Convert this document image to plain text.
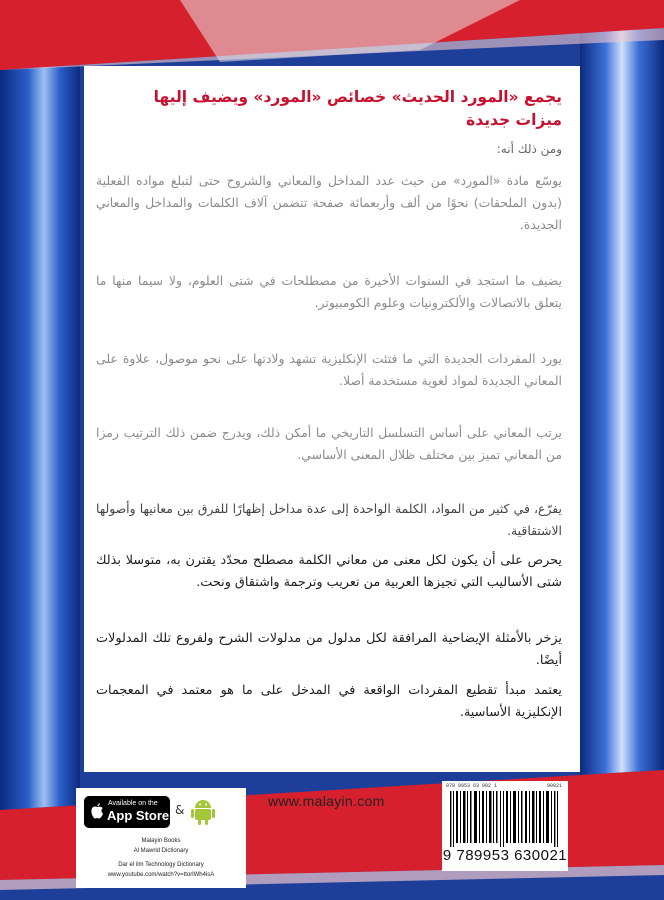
يجمع «المورد الحديث» خصائص «المورد» ويضيف إليها ميزات جديدة
ومن ذلك أنه:
يوسّع مادة «المورد» من حيث عدد المداخل والمعاني والشروح حتى لتبلغ مواده الفعلية (بدون الملحقات) نحوًا من ألف وأربعمائة صفحة تتضمن آلاف الكلمات والمداخل والمعاني الجديدة.
يضيف ما استجد في السنوات الأخيرة من مصطلحات في شتى العلوم، ولا سيما منها ما يتعلق بالاتصالات والألكترونيات وعلوم الكومبيوتر.
يورد المفردات الجديدة التي ما فتئت الإنكليزية تشهد ولادتها على نحو موصول، علاوة على المعاني الجديدة لمواد لغوية مستخدمة أصلا.
يرتب المعاني على أساس التسلسل التاريخي ما أمكن ذلك، ويدرج ضمن ذلك الترتيب رمزا من المعاني تميز بين مختلف ظلال المعنى الأساسي.
يفرّع، في كثير من المواد، الكلمة الواحدة إلى عدة مداخل إظهارًا للفرق بين معانيها وأصولها الاشتقاقية.
يحرص على أن يكون لكل معنى من معاني الكلمة مصطلح محدّد يقترن به، متوسلا بذلك شتى الأساليب التي تجيزها العربية من تعريب وترجمة واشتقاق ونحت.
يزخر بالأمثلة الإيضاحية المرافقة لكل مدلول من مدلولات الشرح ولفروع تلك المدلولات أيضًا.
يعتمد مبدأ تقطيع المفردات الواقعة في المدخل على ما هو معتمد في المعجمات الإنكليزية الأساسية.
Available on the
App Store &
Malayin Books
Al Mawrid Dictionary
Dar el ilm Technology Dictionary
www.youtube.com/watch?v=ttorlWh4isA
www.malayin.com
978 9953 63 002 1	90021
9 789953 630021
